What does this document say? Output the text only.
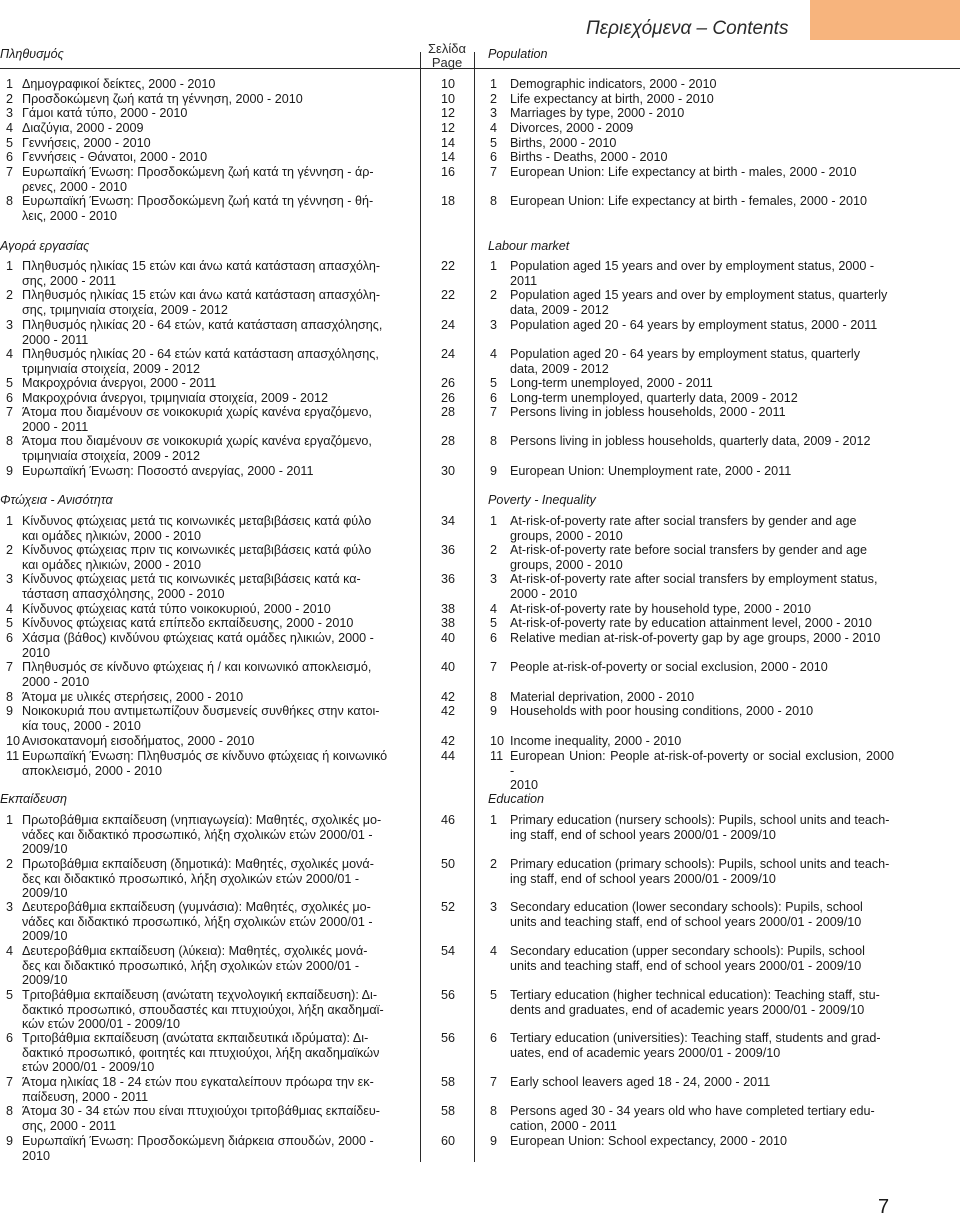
Περιεχόμενα – Contents
Σελίδα
Page
Πληθυσμός	Population
1 Δημογραφικοί δείκτες, 2000 - 2010	10	1	Demographic indicators, 2000 - 2010
2 Προσδοκώμενη ζωή κατά τη γέννηση, 2000 - 2010	10	2	Life expectancy at birth, 2000 - 2010
3 Γάμοι κατά τύπο, 2000 - 2010	12	3	Marriages by type, 2000 - 2010
4 Διαζύγια, 2000 - 2009	12	4	Divorces, 2000 - 2009
5 Γεννήσεις, 2000 - 2010	14	5	Births, 2000 - 2010
6 Γεννήσεις - Θάνατοι, 2000 - 2010	14	6	Births - Deaths, 2000 - 2010
7 Ευρωπαϊκή Ένωση: Προσδοκώμενη ζωή κατά τη γέννηση - άρ-
ρενες, 2000 - 2010
16	7	European Union: Life expectancy at birth - males, 2000 - 2010
8 Ευρωπαϊκή Ένωση: Προσδοκώμενη ζωή κατά τη γέννηση - θή-
λεις, 2000 - 2010
18	8	European Union: Life expectancy at birth - females, 2000 - 2010
Αγορά εργασίας	Labour market
1 Πληθυσμός ηλικίας 15 ετών και άνω κατά κατάσταση απασχόλη-
σης, 2000 - 2011
22	1	Population aged 15 years and over by employment status, 2000 -
2011
2 Πληθυσμός ηλικίας 15 ετών και άνω κατά κατάσταση απασχόλη-
σης, τριμηνιαία στοιχεία, 2009 - 2012
22	2	Population aged 15 years and over by employment status, quarterly
data, 2009 - 2012
3 Πληθυσμός ηλικίας 20 - 64 ετών, κατά κατάσταση απασχόλησης,
2000 - 2011
24	3	Population aged 20 - 64 years by employment status, 2000 - 2011
4 Πληθυσμός ηλικίας 20 - 64 ετών κατά κατάσταση απασχόλησης,
τριμηνιαία στοιχεία, 2009 - 2012
24	4	Population aged 20 - 64 years by employment status, quarterly
data, 2009 - 2012
5 Μακροχρόνια άνεργοι, 2000 - 2011	26	5	Long-term unemployed, 2000 - 2011
6 Μακροχρόνια άνεργοι, τριμηνιαία στοιχεία, 2009 - 2012	26	6	Long-term unemployed, quarterly data, 2009 - 2012
7 Άτομα που διαμένουν σε νοικοκυριά χωρίς κανένα εργαζόμενο,
2000 - 2011
28	7	Persons living in jobless households, 2000 - 2011
8 Άτομα που διαμένουν σε νοικοκυριά χωρίς κανένα εργαζόμενο,
τριμηνιαία στοιχεία, 2009 - 2012
28	8	Persons living in jobless households, quarterly data, 2009 - 2012
9 Ευρωπαϊκή Ένωση: Ποσοστό ανεργίας, 2000 - 2011	30	9	European Union: Unemployment rate, 2000 - 2011
Φτώχεια - Ανισότητα	Poverty - Inequality
1 Κίνδυνος φτώχειας μετά τις κοινωνικές μεταβιβάσεις κατά φύλο
και ομάδες ηλικιών, 2000 - 2010
34	1	At-risk-of-poverty rate after social transfers by gender and age
groups, 2000 - 2010
2 Κίνδυνος φτώχειας πριν τις κοινωνικές μεταβιβάσεις κατά φύλο
και ομάδες ηλικιών, 2000 - 2010
36	2	At-risk-of-poverty rate before social transfers by gender and age
groups, 2000 - 2010
3 Κίνδυνος φτώχειας μετά τις κοινωνικές μεταβιβάσεις κατά κα-
τάσταση απασχόλησης, 2000 - 2010
36	3	At-risk-of-poverty rate after social transfers by employment status,
2000 - 2010
4 Κίνδυνος φτώχειας κατά τύπο νοικοκυριού, 2000 - 2010	38	4	At-risk-of-poverty rate by household type, 2000 - 2010
5 Κίνδυνος φτώχειας κατά επίπεδο εκπαίδευσης, 2000 - 2010	38	5	At-risk-of-poverty rate by education attainment level, 2000 - 2010
6 Χάσμα (βάθος) κινδύνου φτώχειας κατά ομάδες ηλικιών, 2000 -
2010
40	6	Relative median at-risk-of-poverty gap by age groups, 2000 - 2010
7 Πληθυσμός σε κίνδυνο φτώχειας ή / και κοινωνικό αποκλεισμό,
2000 - 2010
40	7	People at-risk-of-poverty or social exclusion, 2000 - 2010
8 Άτομα με υλικές στερήσεις, 2000 - 2010	42	8	Material deprivation, 2000 - 2010
9 Νοικοκυριά που αντιμετωπίζουν δυσμενείς συνθήκες στην κατοι-
κία τους, 2000 - 2010
42	9	Households with poor housing conditions, 2000 - 2010
10 Ανισοκατανομή εισοδήματος, 2000 - 2010	42	10 Income inequality, 2000 - 2010
11 Ευρωπαϊκή Ένωση: Πληθυσμός σε κίνδυνο φτώχειας ή κοινωνικό
αποκλεισμό, 2000 - 2010
44	11 European Union: People at-risk-of-poverty or social exclusion, 2000 -
2010
Εκπαίδευση	Education
1 Πρωτοβάθμια εκπαίδευση (νηπιαγωγεία): Μαθητές, σχολικές μο-
νάδες και διδακτικό προσωπικό, λήξη σχολικών ετών 2000/01 -
2009/10
46	1	Primary education (nursery schools): Pupils, school units and teach-
ing staff, end of school years 2000/01 - 2009/10
2 Πρωτοβάθμια εκπαίδευση (δημοτικά): Μαθητές, σχολικές μονά-
δες και διδακτικό προσωπικό, λήξη σχολικών ετών 2000/01 -
2009/10
50	2	Primary education (primary schools): Pupils, school units and teach-
ing staff, end of school years 2000/01 - 2009/10
3 Δευτεροβάθμια εκπαίδευση (γυμνάσια): Μαθητές, σχολικές μο-
νάδες και διδακτικό προσωπικό, λήξη σχολικών ετών 2000/01 -
2009/10
52	3	Secondary education (lower secondary schools): Pupils, school
units and teaching staff, end of school years 2000/01 - 2009/10
4 Δευτεροβάθμια εκπαίδευση (λύκεια): Μαθητές, σχολικές μονά-
δες και διδακτικό προσωπικό, λήξη σχολικών ετών 2000/01 -
2009/10
54	4	Secondary education (upper secondary schools): Pupils, school
units and teaching staff, end of school years 2000/01 - 2009/10
5 Τριτοβάθμια εκπαίδευση (ανώτατη τεχνολογική εκπαίδευση): Δι-
δακτικό προσωπικό, σπουδαστές και πτυχιούχοι, λήξη ακαδημαϊ-
κών ετών 2000/01 - 2009/10
56	5	Tertiary education (higher technical education): Teaching staff, stu-
dents and graduates, end of academic years 2000/01 - 2009/10
6 Τριτοβάθμια εκπαίδευση (ανώτατα εκπαιδευτικά ιδρύματα): Δι-
δακτικό προσωπικό, φοιτητές και πτυχιούχοι, λήξη ακαδημαϊκών
ετών 2000/01 - 2009/10
56	6	Tertiary education (universities): Teaching staff, students and grad-
uates, end of academic years 2000/01 - 2009/10
7 Άτομα ηλικίας 18 - 24 ετών που εγκαταλείπουν πρόωρα την εκ-
παίδευση, 2000 - 2011
58	7	Early school leavers aged 18 - 24, 2000 - 2011
8 Άτομα 30 - 34 ετών που είναι πτυχιούχοι τριτοβάθμιας εκπαίδευ-
σης, 2000 - 2011
58	8	Persons aged 30 - 34 years old who have completed tertiary edu-
cation, 2000 - 2011
9 Ευρωπαϊκή Ένωση: Προσδοκώμενη διάρκεια σπουδών, 2000 -
2010
60	9	European Union: School expectancy, 2000 - 2010
7
